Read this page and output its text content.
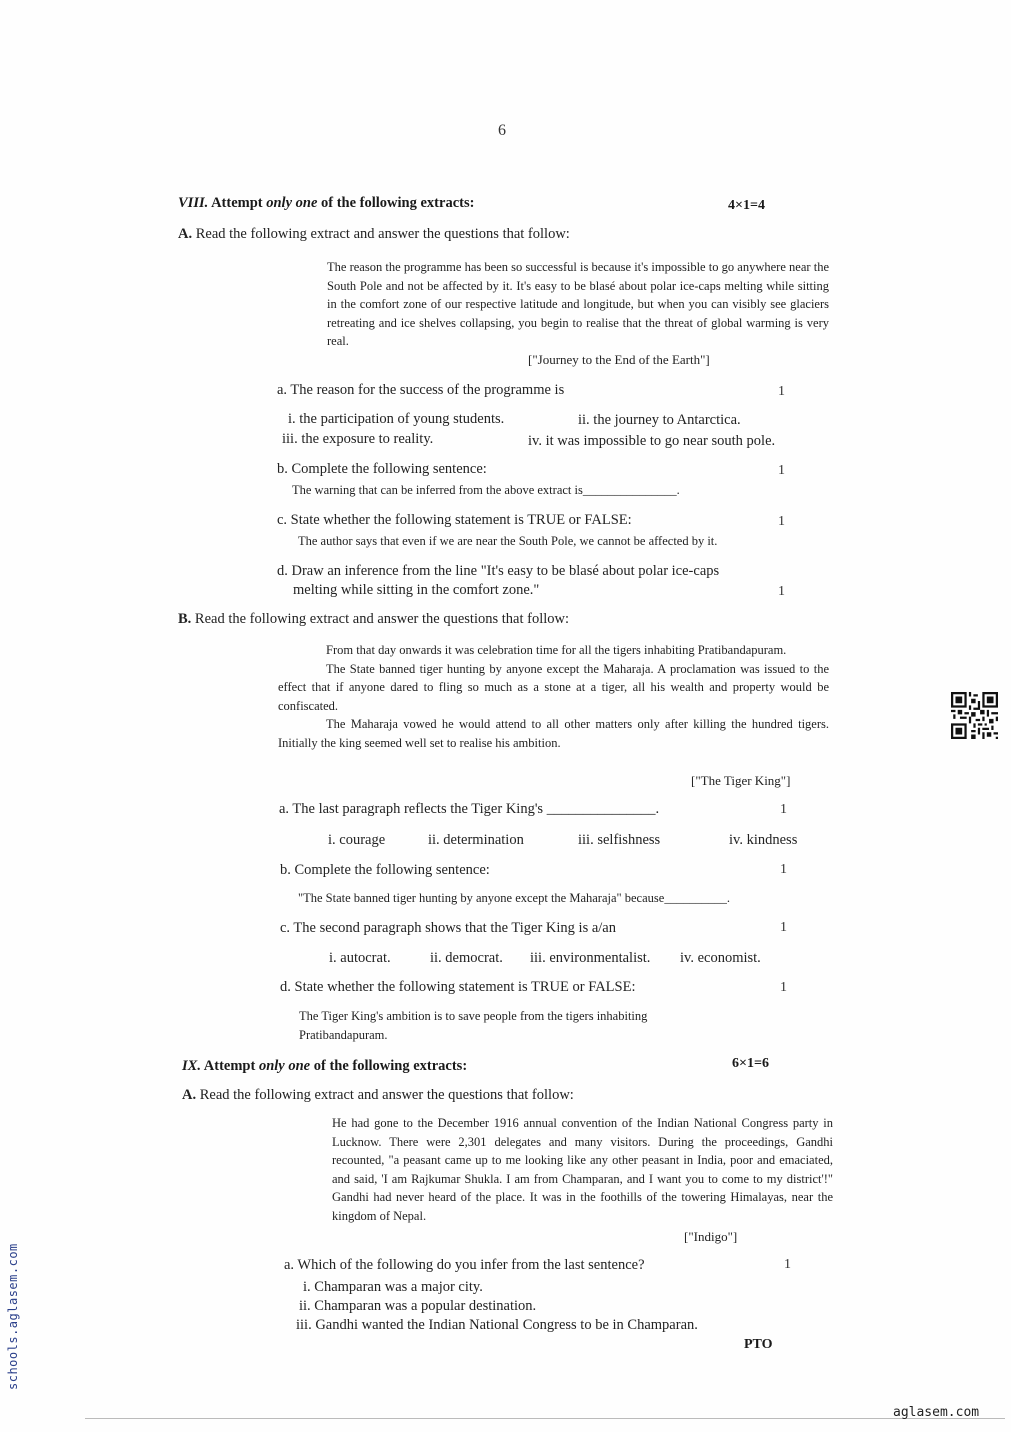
6
VIII. Attempt only one of the following extracts:	4×1=4
A. Read the following extract and answer the questions that follow:

The reason the programme has been so successful is because it's impossible to go anywhere near the South Pole and not be affected by it. It's easy to be blasé about polar ice-caps melting while sitting in the comfort zone of our respective latitude and longitude, but when you can visibly see glaciers retreating and ice shelves collapsing, you begin to realise that the threat of global warming is very real.

["Journey to the End of the Earth"]
a. The reason for the success of the programme is	1
i. the participation of young students.	ii. the journey to Antarctica.
iii. the exposure to reality.	iv. it was impossible to go near south pole.
b. Complete the following sentence:	1
The warning that can be inferred from the above extract is_______________.
c. State whether the following statement is TRUE or FALSE:	1
The author says that even if we are near the South Pole, we cannot be affected by it.
d. Draw an inference from the line "It's easy to be blasé about polar ice-caps
melting while sitting in the comfort zone."	1
B. Read the following extract and answer the questions that follow:

From that day onwards it was celebration time for all the tigers inhabiting Pratibandapuram.

The State banned tiger hunting by anyone except the Maharaja. A proclamation was issued to the effect that if anyone dared to fling so much as a stone at a tiger, all his wealth and property would be confiscated.

The Maharaja vowed he would attend to all other matters only after killing the hundred tigers. Initially the king seemed well set to realise his ambition.

["The Tiger King"]
a. The last paragraph reflects the Tiger King's _______________.	1
i. courage	ii. determination	iii. selfishness	iv. kindness
b. Complete the following sentence:	1
"The State banned tiger hunting by anyone except the Maharaja" because__________.
c. The second paragraph shows that the Tiger King is a/an	1
i. autocrat.	ii. democrat. iii. environmentalist. iv. economist.
d. State whether the following statement is TRUE or FALSE:	1
The Tiger King's ambition is to save people from the tigers inhabiting
Pratibandapuram.
IX. Attempt only one of the following extracts:	6×1=6
A. Read the following extract and answer the questions that follow:

He had gone to the December 1916 annual convention of the Indian National Congress party in Lucknow. There were 2,301 delegates and many visitors. During the proceedings, Gandhi recounted, "a peasant came up to me looking like any other peasant in India, poor and emaciated, and said, 'I am Rajkumar Shukla. I am from Champaran, and I want you to come to my district'!" Gandhi had never heard of the place. It was in the foothills of the towering Himalayas, near the kingdom of Nepal.

["Indigo"]
a. Which of the following do you infer from the last sentence?	1
i. Champaran was a major city.
ii. Champaran was a popular destination.
iii. Gandhi wanted the Indian National Congress to be in Champaran.
PTO
schools.aglasem.com
aglasem.com
